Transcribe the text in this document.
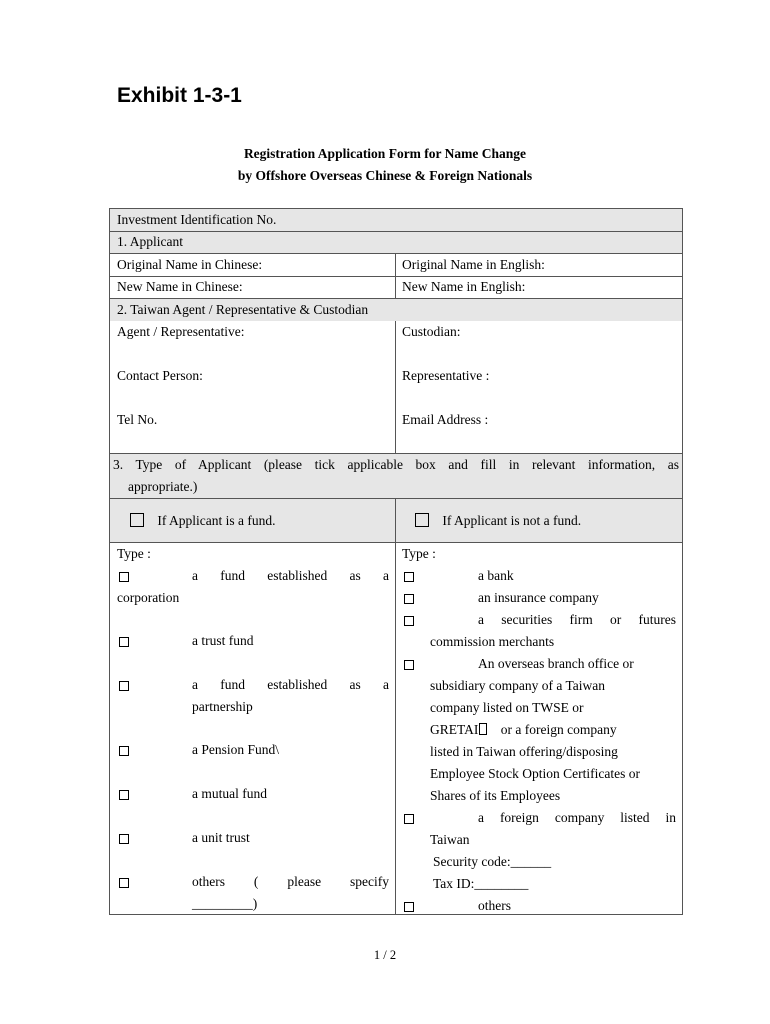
Exhibit 1-3-1
Registration Application Form for Name Change
by Offshore Overseas Chinese & Foreign Nationals
Investment Identification No.
1. Applicant
Original Name in Chinese:	Original Name in English:
New Name in Chinese:	New Name in English:
2. Taiwan Agent / Representative & Custodian
Agent / Representative:	Custodian:
Contact Person:	Representative :
Tel No.	Email Address :
3. Type of Applicant (please tick applicable box and fill in relevant information, as
appropriate.)
If Applicant is a fund.	If Applicant is not a fund.
Type :
a fund established as a
corporation
a trust fund
a fund established as a
partnership
a Pension Fund\
a mutual fund
a unit trust
others ( please specify
_________)
Type :
a bank
an insurance company
a securities firm or futures
commission merchants
An overseas branch office or
subsidiary company of a Taiwan
company listed on TWSE or
GRETAI or a foreign company
listed in Taiwan offering/disposing
Employee Stock Option Certificates or
Shares of its Employees
a foreign company listed in
Taiwan
Security code:______
Tax ID:________
others
1 / 2
